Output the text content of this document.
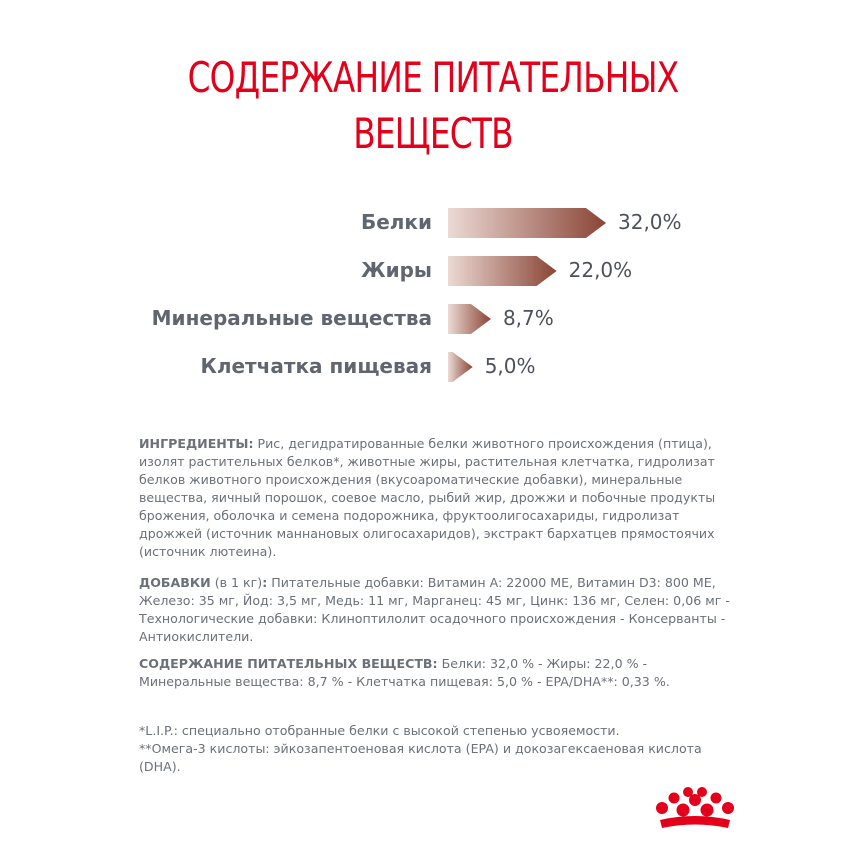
СОДЕРЖАНИЕ ПИТАТЕЛЬНЫХ
ВЕЩЕСТВ
Белки	32,0%
Жиры	22,0%
Минеральные вещества	8,7%
Клетчатка пищевая	5,0%
ИНГРЕДИЕНТЫ: Рис, дегидратированные белки животного происхождения (птица), изолят растительных белков*, животные жиры, растительная клетчатка, гидролизат белков животного происхождения (вкусоароматические добавки), минеральные вещества, яичный порошок, соевое масло, рыбий жир, дрожжи и побочные продукты брожения, оболочка и семена подорожника, фруктоолигосахариды, гидролизат дрожжей (источник маннановых олигосахаридов), экстракт бархатцев прямостоячих (источник лютеина).
ДОБАВКИ (в 1 кг): Питательные добавки: Витамин A: 22000 МЕ, Витамин D3: 800 МЕ, Железо: 35 мг, Йод: 3,5 мг, Медь: 11 мг, Марганец: 45 мг, Цинк: 136 мг, Селен: 0,06 мг - Технологические добавки: Клиноптилолит осадочного происхождения - Консерванты - Антиокислители.
СОДЕРЖАНИЕ ПИТАТЕЛЬНЫХ ВЕЩЕСТВ: Белки: 32,0 % - Жиры: 22,0 % - Минеральные вещества: 8,7 % - Клетчатка пищевая: 5,0 % - EPA/DHA**: 0,33 %.
*L.I.P.: специально отобранные белки с высокой степенью усвояемости.
**Омега-3 кислоты: эйкозапентоеновая кислота (EPA) и докозагексаеновая кислота (DHA).
